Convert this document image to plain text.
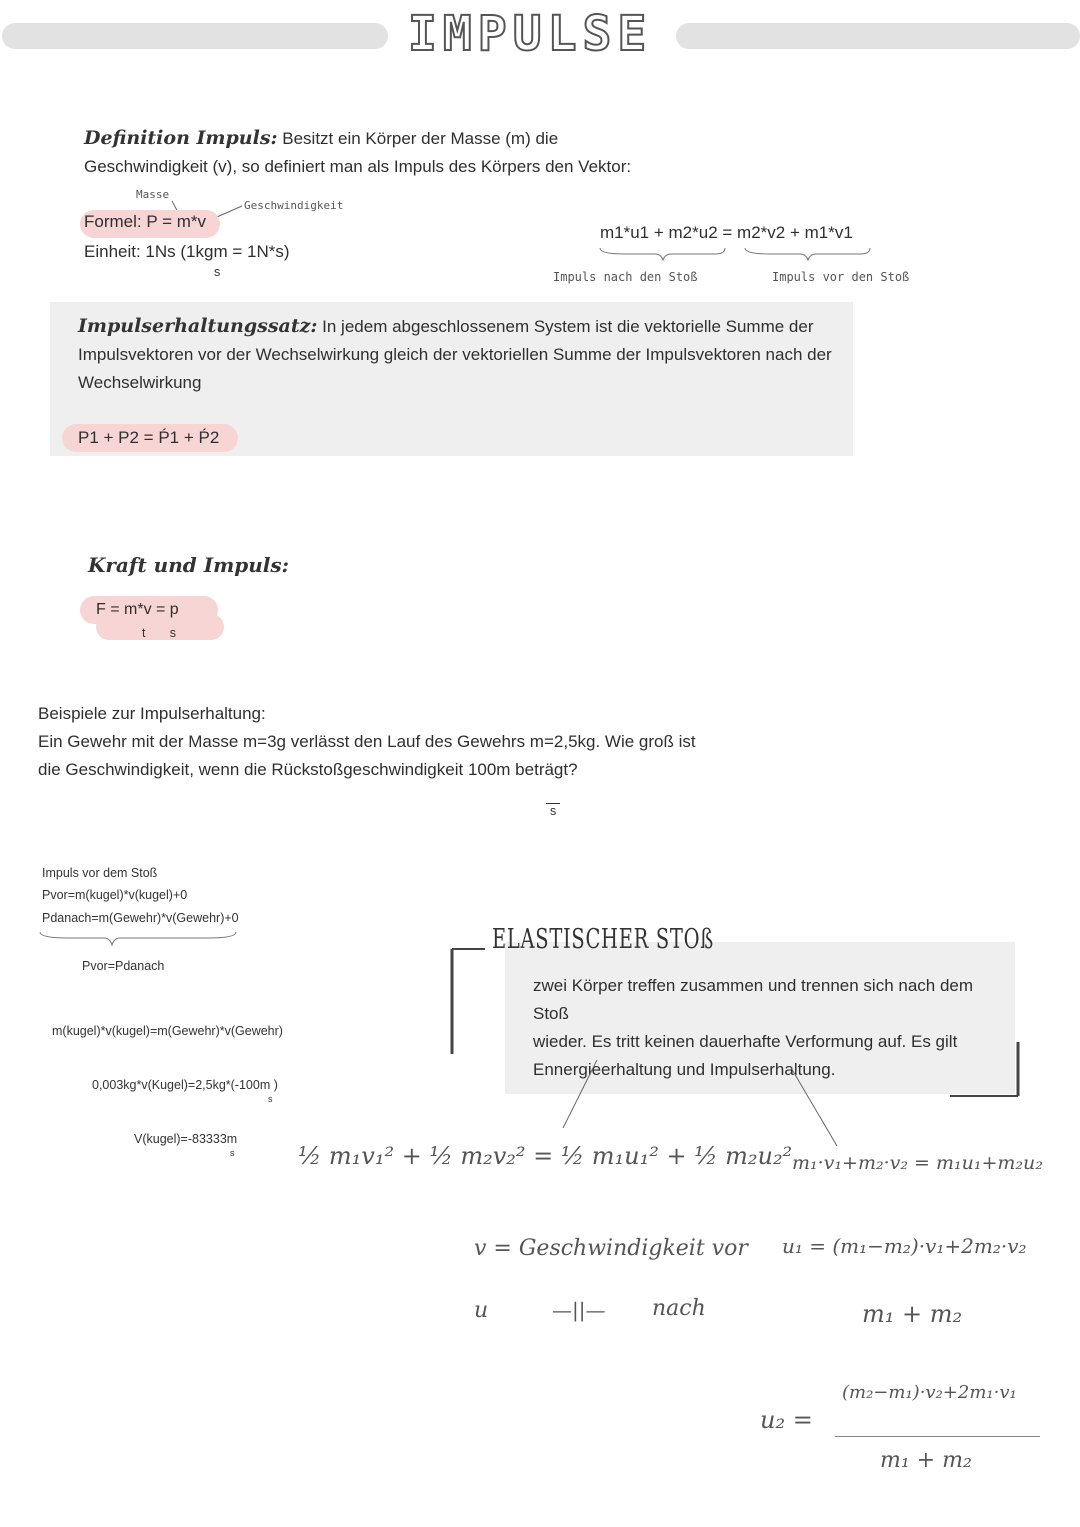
IMPULSE
Definition Impuls: Besitzt ein Körper der Masse (m) die
Geschwindigkeit (v), so definiert man als Impuls des Körpers den Vektor:
Masse
Geschwindigkeit
Formel: P = m*v
Einheit: 1Ns (1kgm = 1N*s)
s
m1*u1 + m2*u2 = m2*v2 + m1*v1
Impuls nach den Stoß	Impuls vor den Stoß
Impulserhaltungssatz: In jedem abgeschlossenem System ist die vektorielle Summe der
Impulsvektoren vor der Wechselwirkung gleich der vektoriellen Summe der Impulsvektoren nach der
Wechselwirkung
P1 + P2 = Ṕ1 + Ṕ2
Kraft und Impuls:
F = m*v = p
t       s
Beispiele zur Impulserhaltung:
Ein Gewehr mit der Masse m=3g verlässt den Lauf des Gewehrs m=2,5kg. Wie groß ist
die Geschwindigkeit, wenn die Rückstoßgeschwindigkeit 100m beträgt?
s
Impuls vor dem Stoß
Pvor=m(kugel)*v(kugel)+0
Pdanach=m(Gewehr)*v(Gewehr)+0
Pvor=Pdanach
m(kugel)*v(kugel)=m(Gewehr)*v(Gewehr)
0,003kg*v(Kugel)=2,5kg*(-100m )
s
V(kugel)=-83333m
s
ELASTISCHER STOß
zwei Körper treffen zusammen und trennen sich nach dem Stoß
wieder. Es tritt keinen dauerhafte Verformung auf. Es gilt
Ennergieerhaltung und Impulserhaltung.
½ m₁v₁² + ½ m₂v₂² = ½ m₁u₁² + ½ m₂u₂² m₁·v₁+m₂·v₂ = m₁u₁+m₂u₂
v = Geschwindigkeit vor
u	—||— nach
u₁ = (m₁−m₂)·v₁+2m₂·v₂
m₁ + m₂
u₂ =
(m₂−m₁)·v₂+2m₁·v₁
m₁ + m₂
